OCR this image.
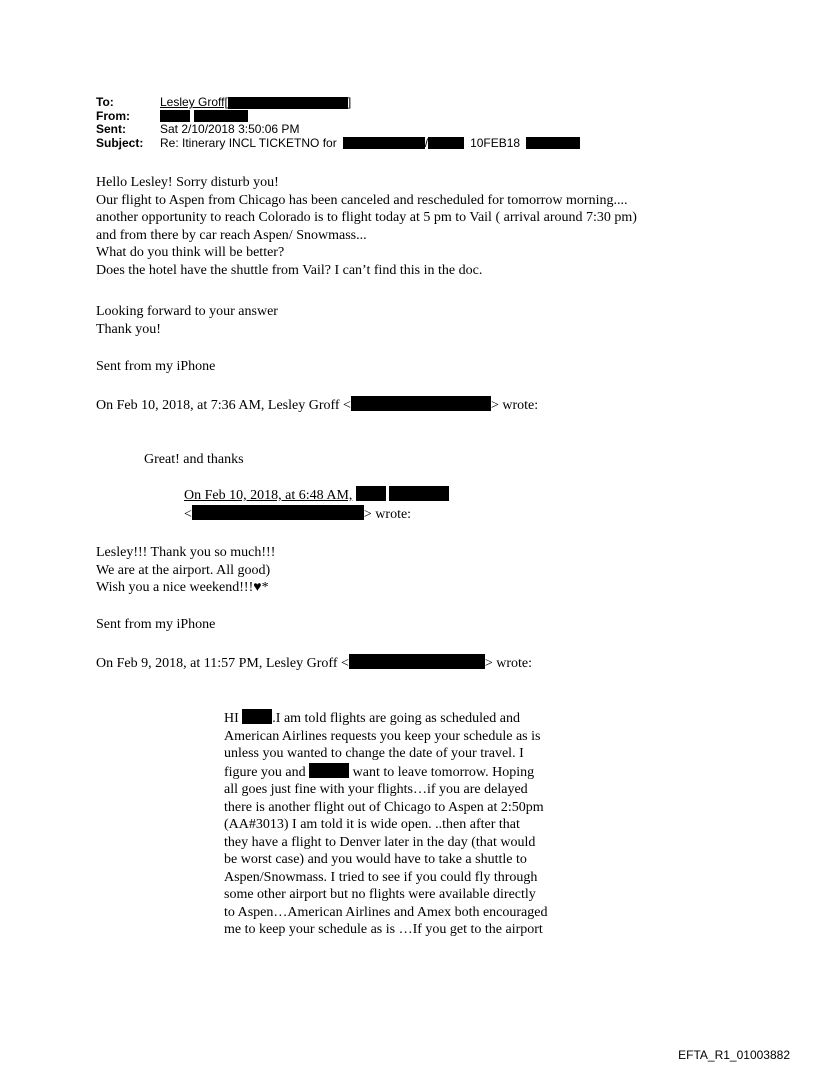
To:	Lesley Groff[	]
From:
Sent:	Sat 2/10/2018 3:50:06 PM
Subject:	Re: Itinerary INCL TICKETNO for	/	10FEB18
Hello Lesley! Sorry disturb you!
Our flight to Aspen from Chicago has been canceled and rescheduled for tomorrow morning....
another opportunity to reach Colorado is to flight today at 5 pm to Vail ( arrival around 7:30 pm)
and from there by car reach Aspen/ Snowmass...
What do you think will be better?
Does the hotel have the shuttle from Vail? I can’t find this in the doc.
Looking forward to your answer
Thank you!
Sent from my iPhone
On Feb 10, 2018, at 7:36 AM, Lesley Groff <	> wrote:
Great! and thanks
On Feb 10, 2018, at 6:48 AM,
<	> wrote:
Lesley!!! Thank you so much!!!
We are at the airport. All good)
Wish you a nice weekend!!!♥*
Sent from my iPhone
On Feb 9, 2018, at 11:57 PM, Lesley Groff <	> wrote:
HI .I am told flights are going as scheduled and
American Airlines requests you keep your schedule as is
unless you wanted to change the date of your travel. I
figure you and	want to leave tomorrow. Hoping
all goes just fine with your flights…if you are delayed
there is another flight out of Chicago to Aspen at 2:50pm
(AA#3013) I am told it is wide open. ..then after that
they have a flight to Denver later in the day (that would
be worst case) and you would have to take a shuttle to
Aspen/Snowmass. I tried to see if you could fly through
some other airport but no flights were available directly
to Aspen…American Airlines and Amex both encouraged
me to keep your schedule as is …If you get to the airport
EFTA_R1_01003882
